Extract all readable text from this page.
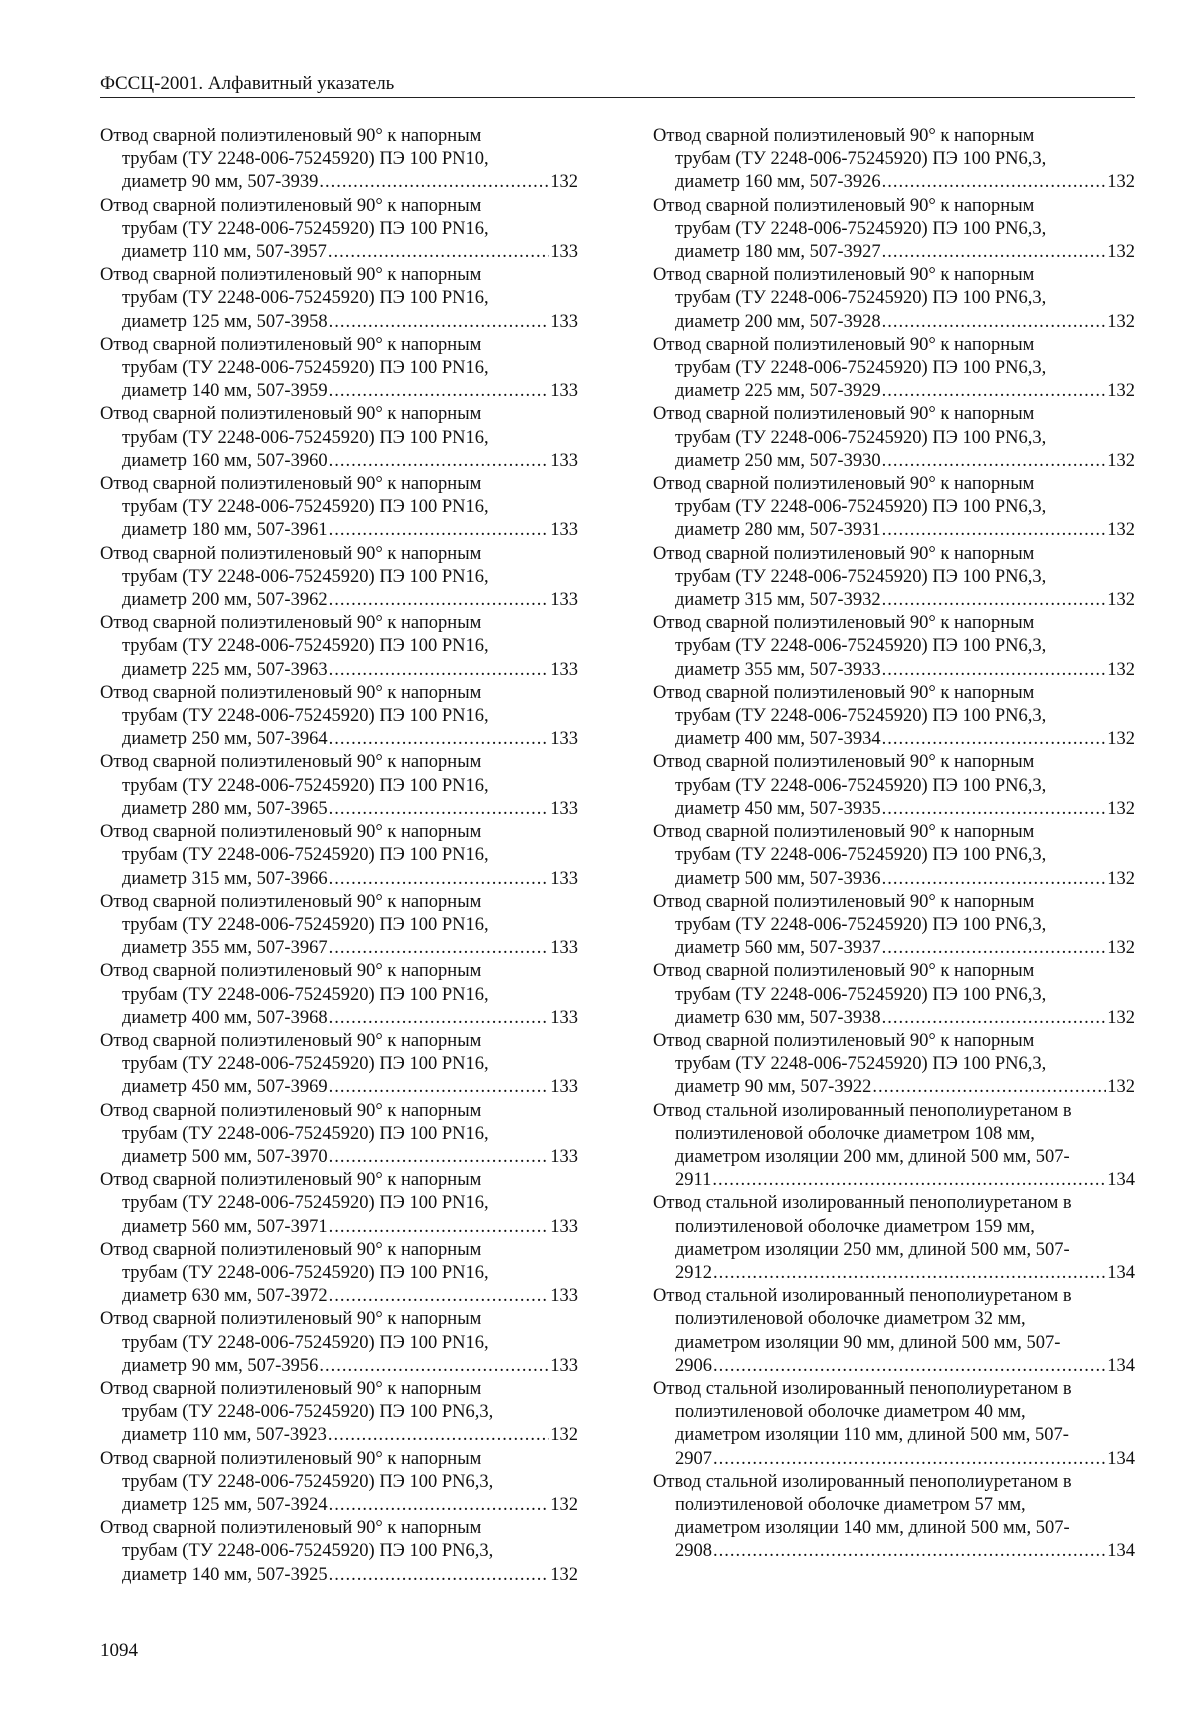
ФССЦ-2001. Алфавитный указатель
Отвод сварной полиэтиленовый 90° к напорным
трубам (ТУ 2248-006-75245920) ПЭ 100 PN10,
диаметр 90 мм, 507-3939 .....	132
Отвод сварной полиэтиленовый 90° к напорным
трубам (ТУ 2248-006-75245920) ПЭ 100 PN16,
диаметр 110 мм, 507-3957 .....	133
Отвод сварной полиэтиленовый 90° к напорным
трубам (ТУ 2248-006-75245920) ПЭ 100 PN16,
диаметр 125 мм, 507-3958 .....	133
Отвод сварной полиэтиленовый 90° к напорным
трубам (ТУ 2248-006-75245920) ПЭ 100 PN16,
диаметр 140 мм, 507-3959 .....	133
Отвод сварной полиэтиленовый 90° к напорным
трубам (ТУ 2248-006-75245920) ПЭ 100 PN16,
диаметр 160 мм, 507-3960 .....	133
Отвод сварной полиэтиленовый 90° к напорным
трубам (ТУ 2248-006-75245920) ПЭ 100 PN16,
диаметр 180 мм, 507-3961 .....	133
Отвод сварной полиэтиленовый 90° к напорным
трубам (ТУ 2248-006-75245920) ПЭ 100 PN16,
диаметр 200 мм, 507-3962 .....	133
Отвод сварной полиэтиленовый 90° к напорным
трубам (ТУ 2248-006-75245920) ПЭ 100 PN16,
диаметр 225 мм, 507-3963 .....	133
Отвод сварной полиэтиленовый 90° к напорным
трубам (ТУ 2248-006-75245920) ПЭ 100 PN16,
диаметр 250 мм, 507-3964 .....	133
Отвод сварной полиэтиленовый 90° к напорным
трубам (ТУ 2248-006-75245920) ПЭ 100 PN16,
диаметр 280 мм, 507-3965 .....	133
Отвод сварной полиэтиленовый 90° к напорным
трубам (ТУ 2248-006-75245920) ПЭ 100 PN16,
диаметр 315 мм, 507-3966 .....	133
Отвод сварной полиэтиленовый 90° к напорным
трубам (ТУ 2248-006-75245920) ПЭ 100 PN16,
диаметр 355 мм, 507-3967 .....	133
Отвод сварной полиэтиленовый 90° к напорным
трубам (ТУ 2248-006-75245920) ПЭ 100 PN16,
диаметр 400 мм, 507-3968 .....	133
Отвод сварной полиэтиленовый 90° к напорным
трубам (ТУ 2248-006-75245920) ПЭ 100 PN16,
диаметр 450 мм, 507-3969 .....	133
Отвод сварной полиэтиленовый 90° к напорным
трубам (ТУ 2248-006-75245920) ПЭ 100 PN16,
диаметр 500 мм, 507-3970 .....	133
Отвод сварной полиэтиленовый 90° к напорным
трубам (ТУ 2248-006-75245920) ПЭ 100 PN16,
диаметр 560 мм, 507-3971 .....	133
Отвод сварной полиэтиленовый 90° к напорным
трубам (ТУ 2248-006-75245920) ПЭ 100 PN16,
диаметр 630 мм, 507-3972 .....	133
Отвод сварной полиэтиленовый 90° к напорным
трубам (ТУ 2248-006-75245920) ПЭ 100 PN16,
диаметр 90 мм, 507-3956 .....	133
Отвод сварной полиэтиленовый 90° к напорным
трубам (ТУ 2248-006-75245920) ПЭ 100 PN6,3,
диаметр 110 мм, 507-3923 .....	132
Отвод сварной полиэтиленовый 90° к напорным
трубам (ТУ 2248-006-75245920) ПЭ 100 PN6,3,
диаметр 125 мм, 507-3924 .....	132
Отвод сварной полиэтиленовый 90° к напорным
трубам (ТУ 2248-006-75245920) ПЭ 100 PN6,3,
диаметр 140 мм, 507-3925 .....	132
Отвод сварной полиэтиленовый 90° к напорным
трубам (ТУ 2248-006-75245920) ПЭ 100 PN6,3,
диаметр 160 мм, 507-3926 .....	132
Отвод сварной полиэтиленовый 90° к напорным
трубам (ТУ 2248-006-75245920) ПЭ 100 PN6,3,
диаметр 180 мм, 507-3927 .....	132
Отвод сварной полиэтиленовый 90° к напорным
трубам (ТУ 2248-006-75245920) ПЭ 100 PN6,3,
диаметр 200 мм, 507-3928 .....	132
Отвод сварной полиэтиленовый 90° к напорным
трубам (ТУ 2248-006-75245920) ПЭ 100 PN6,3,
диаметр 225 мм, 507-3929 .....	132
Отвод сварной полиэтиленовый 90° к напорным
трубам (ТУ 2248-006-75245920) ПЭ 100 PN6,3,
диаметр 250 мм, 507-3930 .....	132
Отвод сварной полиэтиленовый 90° к напорным
трубам (ТУ 2248-006-75245920) ПЭ 100 PN6,3,
диаметр 280 мм, 507-3931 .....	132
Отвод сварной полиэтиленовый 90° к напорным
трубам (ТУ 2248-006-75245920) ПЭ 100 PN6,3,
диаметр 315 мм, 507-3932 .....	132
Отвод сварной полиэтиленовый 90° к напорным
трубам (ТУ 2248-006-75245920) ПЭ 100 PN6,3,
диаметр 355 мм, 507-3933 .....	132
Отвод сварной полиэтиленовый 90° к напорным
трубам (ТУ 2248-006-75245920) ПЭ 100 PN6,3,
диаметр 400 мм, 507-3934 .....	132
Отвод сварной полиэтиленовый 90° к напорным
трубам (ТУ 2248-006-75245920) ПЭ 100 PN6,3,
диаметр 450 мм, 507-3935 .....	132
Отвод сварной полиэтиленовый 90° к напорным
трубам (ТУ 2248-006-75245920) ПЭ 100 PN6,3,
диаметр 500 мм, 507-3936 .....	132
Отвод сварной полиэтиленовый 90° к напорным
трубам (ТУ 2248-006-75245920) ПЭ 100 PN6,3,
диаметр 560 мм, 507-3937 .....	132
Отвод сварной полиэтиленовый 90° к напорным
трубам (ТУ 2248-006-75245920) ПЭ 100 PN6,3,
диаметр 630 мм, 507-3938 .....	132
Отвод сварной полиэтиленовый 90° к напорным
трубам (ТУ 2248-006-75245920) ПЭ 100 PN6,3,
диаметр 90 мм, 507-3922 .....	132
Отвод стальной изолированный пенополиуретаном в
полиэтиленовой оболочке диаметром 108 мм,
диаметром изоляции 200 мм, длиной 500 мм, 507-
2911 .....	134
Отвод стальной изолированный пенополиуретаном в
полиэтиленовой оболочке диаметром 159 мм,
диаметром изоляции 250 мм, длиной 500 мм, 507-
2912 .....	134
Отвод стальной изолированный пенополиуретаном в
полиэтиленовой оболочке диаметром 32 мм,
диаметром изоляции 90 мм, длиной 500 мм, 507-
2906 .....	134
Отвод стальной изолированный пенополиуретаном в
полиэтиленовой оболочке диаметром 40 мм,
диаметром изоляции 110 мм, длиной 500 мм, 507-
2907 .....	134
Отвод стальной изолированный пенополиуретаном в
полиэтиленовой оболочке диаметром 57 мм,
диаметром изоляции 140 мм, длиной 500 мм, 507-
2908 .....	134
1094
